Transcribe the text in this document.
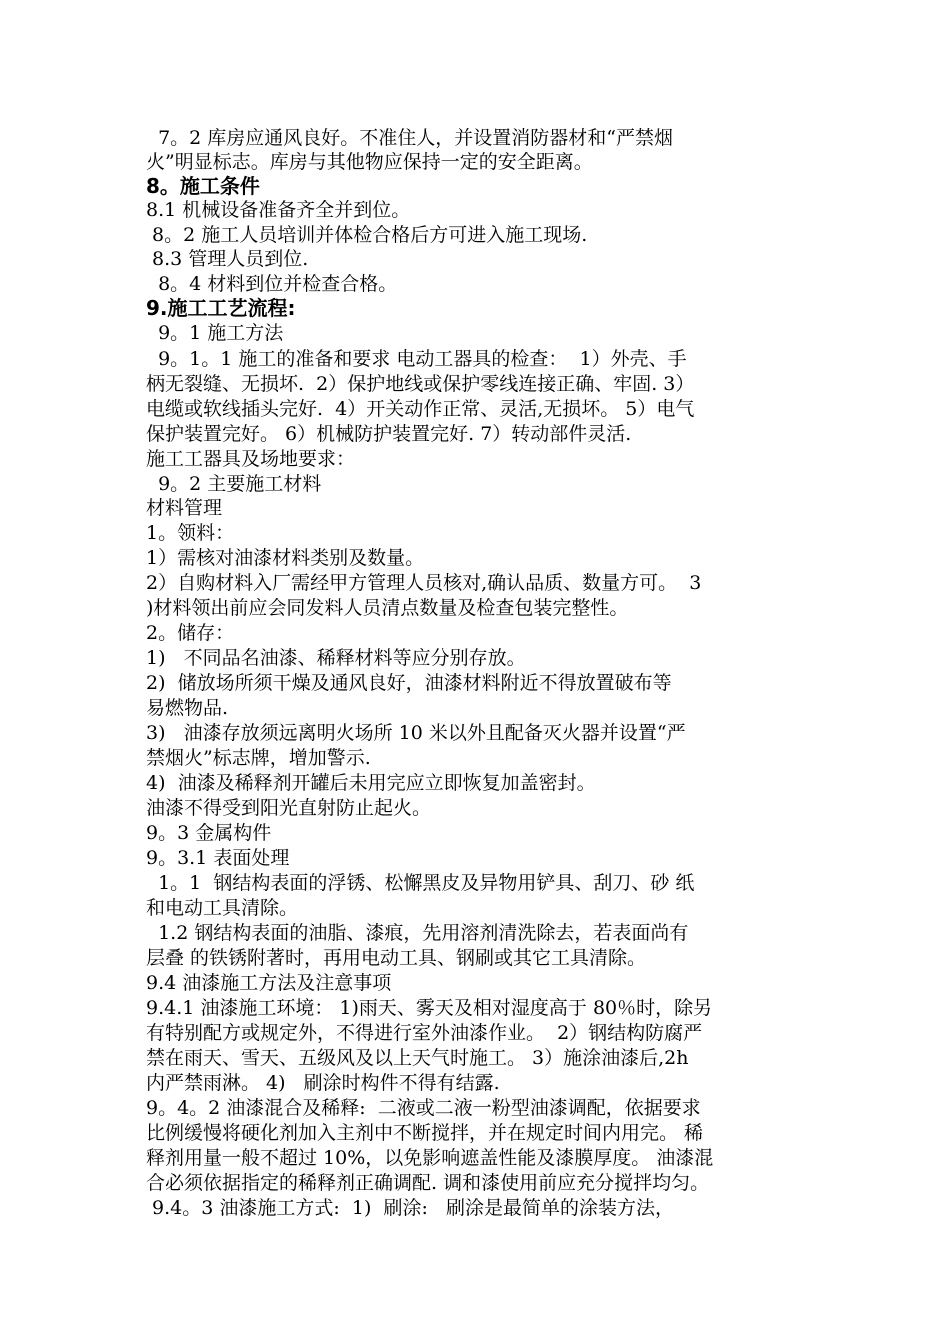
7。2 库房应通风良好。不准住人，并设置消防器材和“严禁烟
火”明显标志。库房与其他物应保持一定的安全距离。
8。施工条件
8.1 机械设备准备齐全并到位。
8。2 施工人员培训并体检合格后方可进入施工现场.
8.3 管理人员到位.
8。4 材料到位并检查合格。
9.施工工艺流程:
9。1 施工方法
9。1。1 施工的准备和要求 电动工器具的检查：  1）外壳、手
柄无裂缝、无损坏.  2）保护地线或保护零线连接正确、牢固. 3）
电缆或软线插头完好.  4）开关动作正常、灵活,无损坏。 5）电气
保护装置完好。 6）机械防护装置完好. 7）转动部件灵活.
施工工器具及场地要求：
9。2 主要施工材料
材料管理
1。领料：
1）需核对油漆材料类别及数量。
2）自购材料入厂需经甲方管理人员核对,确认品质、数量方可。  3
)材料领出前应会同发料人员清点数量及检查包装完整性。
2。储存：
1)   不同品名油漆、稀释材料等应分别存放。
2)  储放场所须干燥及通风良好，油漆材料附近不得放置破布等
易燃物品.
3)   油漆存放须远离明火场所 10 米以外且配备灭火器并设置“严
禁烟火”标志牌，增加警示.
4)  油漆及稀释剂开罐后未用完应立即恢复加盖密封。
油漆不得受到阳光直射防止起火。
9。3 金属构件
9。3.1 表面处理
1。1  钢结构表面的浮锈、松懈黑皮及异物用铲具、刮刀、砂 纸
和电动工具清除。
1.2 钢结构表面的油脂、漆痕，先用溶剂清洗除去，若表面尚有
层叠 的铁锈附著时，再用电动工具、钢刷或其它工具清除。
9.4 油漆施工方法及注意事项
9.4.1 油漆施工环境： 1)雨天、雾天及相对湿度高于 80％时，除另
有特别配方或规定外，不得进行室外油漆作业。  2）钢结构防腐严
禁在雨天、雪天、五级风及以上天气时施工。 3）施涂油漆后,2h
内严禁雨淋。 4)   刷涂时构件不得有结露.
9。4。2 油漆混合及稀释:  二液或二液一粉型油漆调配，依据要求
比例缓慢将硬化剂加入主剂中不断搅拌，并在规定时间内用完。 稀
释剂用量一般不超过 10%，以免影响遮盖性能及漆膜厚度。 油漆混
合必须依据指定的稀释剂正确调配. 调和漆使用前应充分搅拌均匀。
9.4。3 油漆施工方式:  1)  刷涂:   刷涂是最简单的涂装方法，
